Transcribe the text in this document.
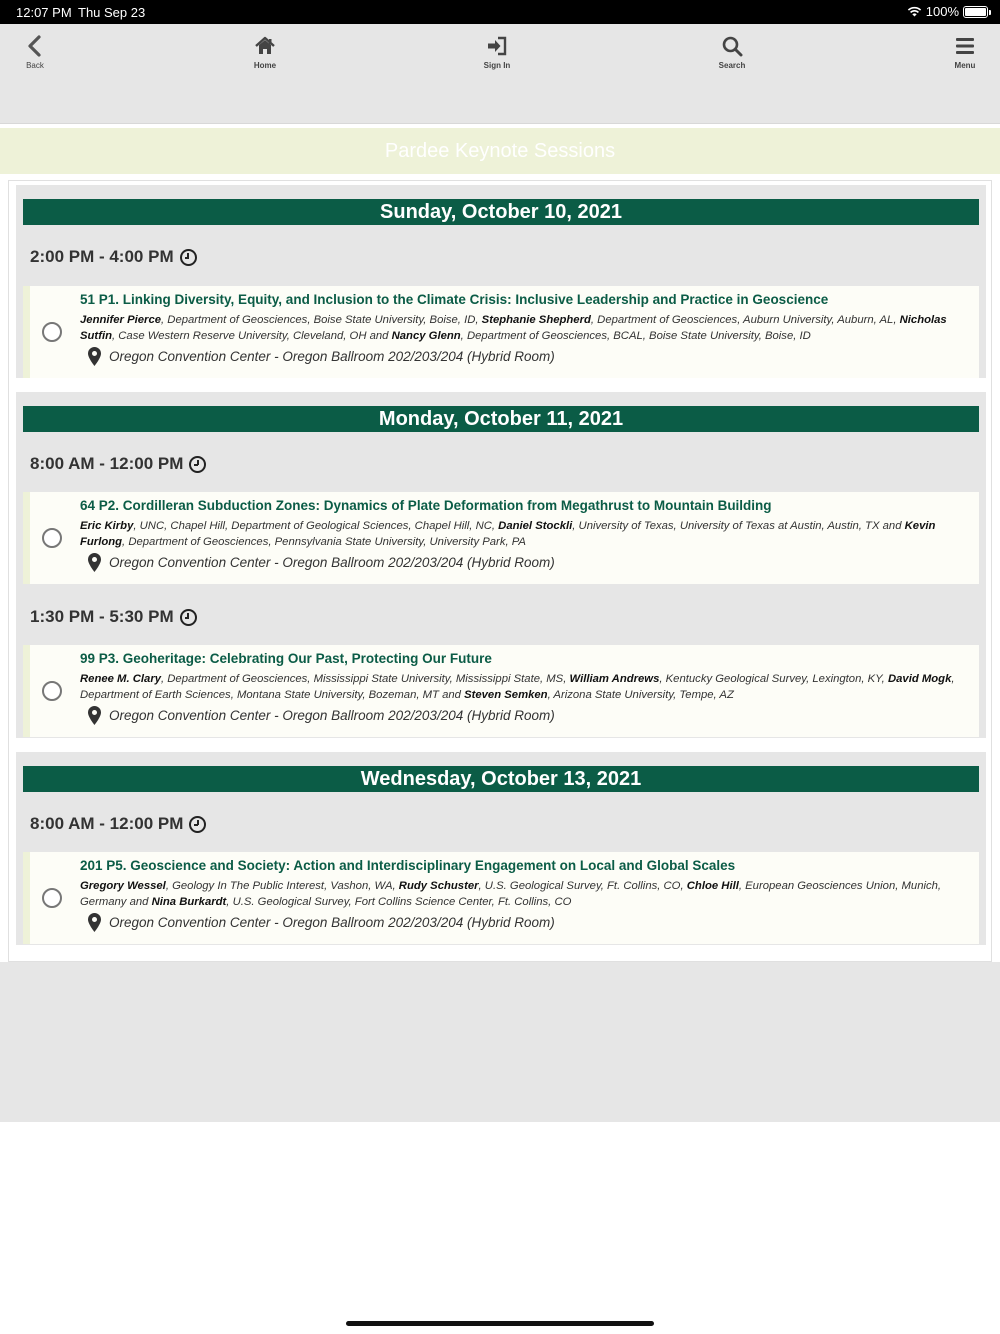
12:07 PM Thu Sep 23	100%
Back	Home	Sign In	Search	Menu
Pardee Keynote Sessions
Sunday, October 10, 2021
2:00 PM - 4:00 PM
51 P1. Linking Diversity, Equity, and Inclusion to the Climate Crisis: Inclusive Leadership and Practice in Geoscience
Jennifer Pierce, Department of Geosciences, Boise State University, Boise, ID, Stephanie Shepherd, Department of Geosciences, Auburn University, Auburn, AL, Nicholas Sutfin, Case Western Reserve University, Cleveland, OH and Nancy Glenn, Department of Geosciences, BCAL, Boise State University, Boise, ID
Oregon Convention Center - Oregon Ballroom 202/203/204 (Hybrid Room)
Monday, October 11, 2021
8:00 AM - 12:00 PM
64 P2. Cordilleran Subduction Zones: Dynamics of Plate Deformation from Megathrust to Mountain Building
Eric Kirby, UNC, Chapel Hill, Department of Geological Sciences, Chapel Hill, NC, Daniel Stockli, University of Texas, University of Texas at Austin, Austin, TX and Kevin Furlong, Department of Geosciences, Pennsylvania State University, University Park, PA
Oregon Convention Center - Oregon Ballroom 202/203/204 (Hybrid Room)
1:30 PM - 5:30 PM
99 P3. Geoheritage: Celebrating Our Past, Protecting Our Future
Renee M. Clary, Department of Geosciences, Mississippi State University, Mississippi State, MS, William Andrews, Kentucky Geological Survey, Lexington, KY, David Mogk, Department of Earth Sciences, Montana State University, Bozeman, MT and Steven Semken, Arizona State University, Tempe, AZ
Oregon Convention Center - Oregon Ballroom 202/203/204 (Hybrid Room)
Wednesday, October 13, 2021
8:00 AM - 12:00 PM
201 P5. Geoscience and Society: Action and Interdisciplinary Engagement on Local and Global Scales
Gregory Wessel, Geology In The Public Interest, Vashon, WA, Rudy Schuster, U.S. Geological Survey, Ft. Collins, CO, Chloe Hill, European Geosciences Union, Munich, Germany and Nina Burkardt, U.S. Geological Survey, Fort Collins Science Center, Ft. Collins, CO
Oregon Convention Center - Oregon Ballroom 202/203/204 (Hybrid Room)
